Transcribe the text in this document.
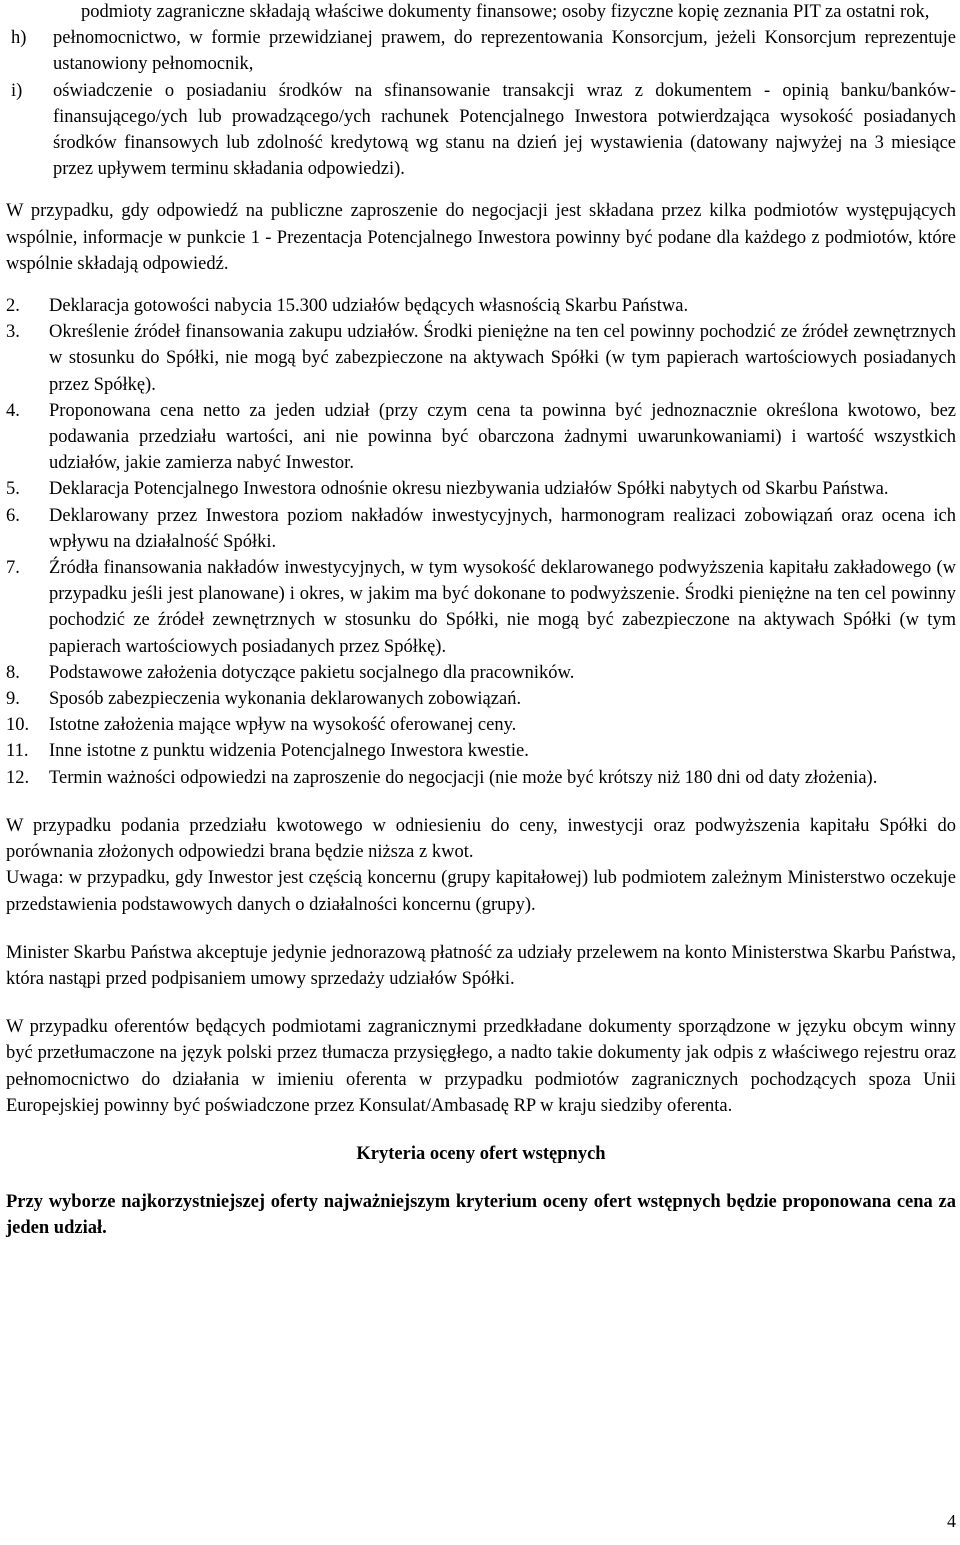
podmioty zagraniczne składają właściwe dokumenty finansowe; osoby fizyczne kopię zeznania PIT za ostatni rok,
h) pełnomocnictwo, w formie przewidzianej prawem, do reprezentowania Konsorcjum, jeżeli Konsorcjum reprezentuje ustanowiony pełnomocnik,
i) oświadczenie o posiadaniu środków na sfinansowanie transakcji wraz z dokumentem - opinią banku/banków- finansującego/ych lub prowadzącego/ych rachunek Potencjalnego Inwestora potwierdzająca wysokość posiadanych środków finansowych lub zdolność kredytową wg stanu na dzień jej wystawienia (datowany najwyżej na 3 miesiące przez upływem terminu składania odpowiedzi).

W przypadku, gdy odpowiedź na publiczne zaproszenie do negocjacji jest składana przez kilka podmiotów występujących wspólnie, informacje w punkcie 1 - Prezentacja Potencjalnego Inwestora powinny być podane dla każdego z podmiotów, które wspólnie składają odpowiedź.

2. Deklaracja gotowości nabycia 15.300 udziałów będących własnością Skarbu Państwa.
3. Określenie źródeł finansowania zakupu udziałów. Środki pieniężne na ten cel powinny pochodzić ze źródeł zewnętrznych w stosunku do Spółki, nie mogą być zabezpieczone na aktywach Spółki (w tym papierach wartościowych posiadanych przez Spółkę).
4. Proponowana cena netto za jeden udział (przy czym cena ta powinna być jednoznacznie określona kwotowo, bez podawania przedziału wartości, ani nie powinna być obarczona żadnymi uwarunkowaniami) i wartość wszystkich udziałów, jakie zamierza nabyć Inwestor.
5. Deklaracja Potencjalnego Inwestora odnośnie okresu niezbywania udziałów Spółki nabytych od Skarbu Państwa.
6. Deklarowany przez Inwestora poziom nakładów inwestycyjnych, harmonogram realizaci zobowiązań oraz ocena ich wpływu na działalność Spółki.
7. Źródła finansowania nakładów inwestycyjnych, w tym wysokość deklarowanego podwyższenia kapitału zakładowego (w przypadku jeśli jest planowane) i okres, w jakim ma być dokonane to podwyższenie. Środki pieniężne na ten cel powinny pochodzić ze źródeł zewnętrznych w stosunku do Spółki, nie mogą być zabezpieczone na aktywach Spółki (w tym papierach wartościowych posiadanych przez Spółkę).
8. Podstawowe założenia dotyczące pakietu socjalnego dla pracowników.
9. Sposób zabezpieczenia wykonania deklarowanych zobowiązań.
10. Istotne założenia mające wpływ na wysokość oferowanej ceny.
11. Inne istotne z punktu widzenia Potencjalnego Inwestora kwestie.
12. Termin ważności odpowiedzi na zaproszenie do negocjacji (nie może być krótszy niż 180 dni od daty złożenia).

W przypadku podania przedziału kwotowego w odniesieniu do ceny, inwestycji oraz podwyższenia kapitału Spółki do porównania złożonych odpowiedzi brana będzie niższa z kwot.

Uwaga: w przypadku, gdy Inwestor jest częścią koncernu (grupy kapitałowej) lub podmiotem zależnym Ministerstwo oczekuje przedstawienia podstawowych danych o działalności koncernu (grupy).

Minister Skarbu Państwa akceptuje jedynie jednorazową płatność za udziały przelewem na konto Ministerstwa Skarbu Państwa, która nastąpi przed podpisaniem umowy sprzedaży udziałów Spółki.

W przypadku oferentów będących podmiotami zagranicznymi przedkładane dokumenty sporządzone w języku obcym winny być przetłumaczone na język polski przez tłumacza przysięgłego, a nadto takie dokumenty jak odpis z właściwego rejestru oraz pełnomocnictwo do działania w imieniu oferenta w przypadku podmiotów zagranicznych pochodzących spoza Unii Europejskiej powinny być poświadczone przez Konsulat/Ambasadę RP w kraju siedziby oferenta.

Kryteria oceny ofert wstępnych

Przy wyborze najkorzystniejszej oferty najważniejszym kryterium oceny ofert wstępnych będzie proponowana cena za jeden udział.

4
